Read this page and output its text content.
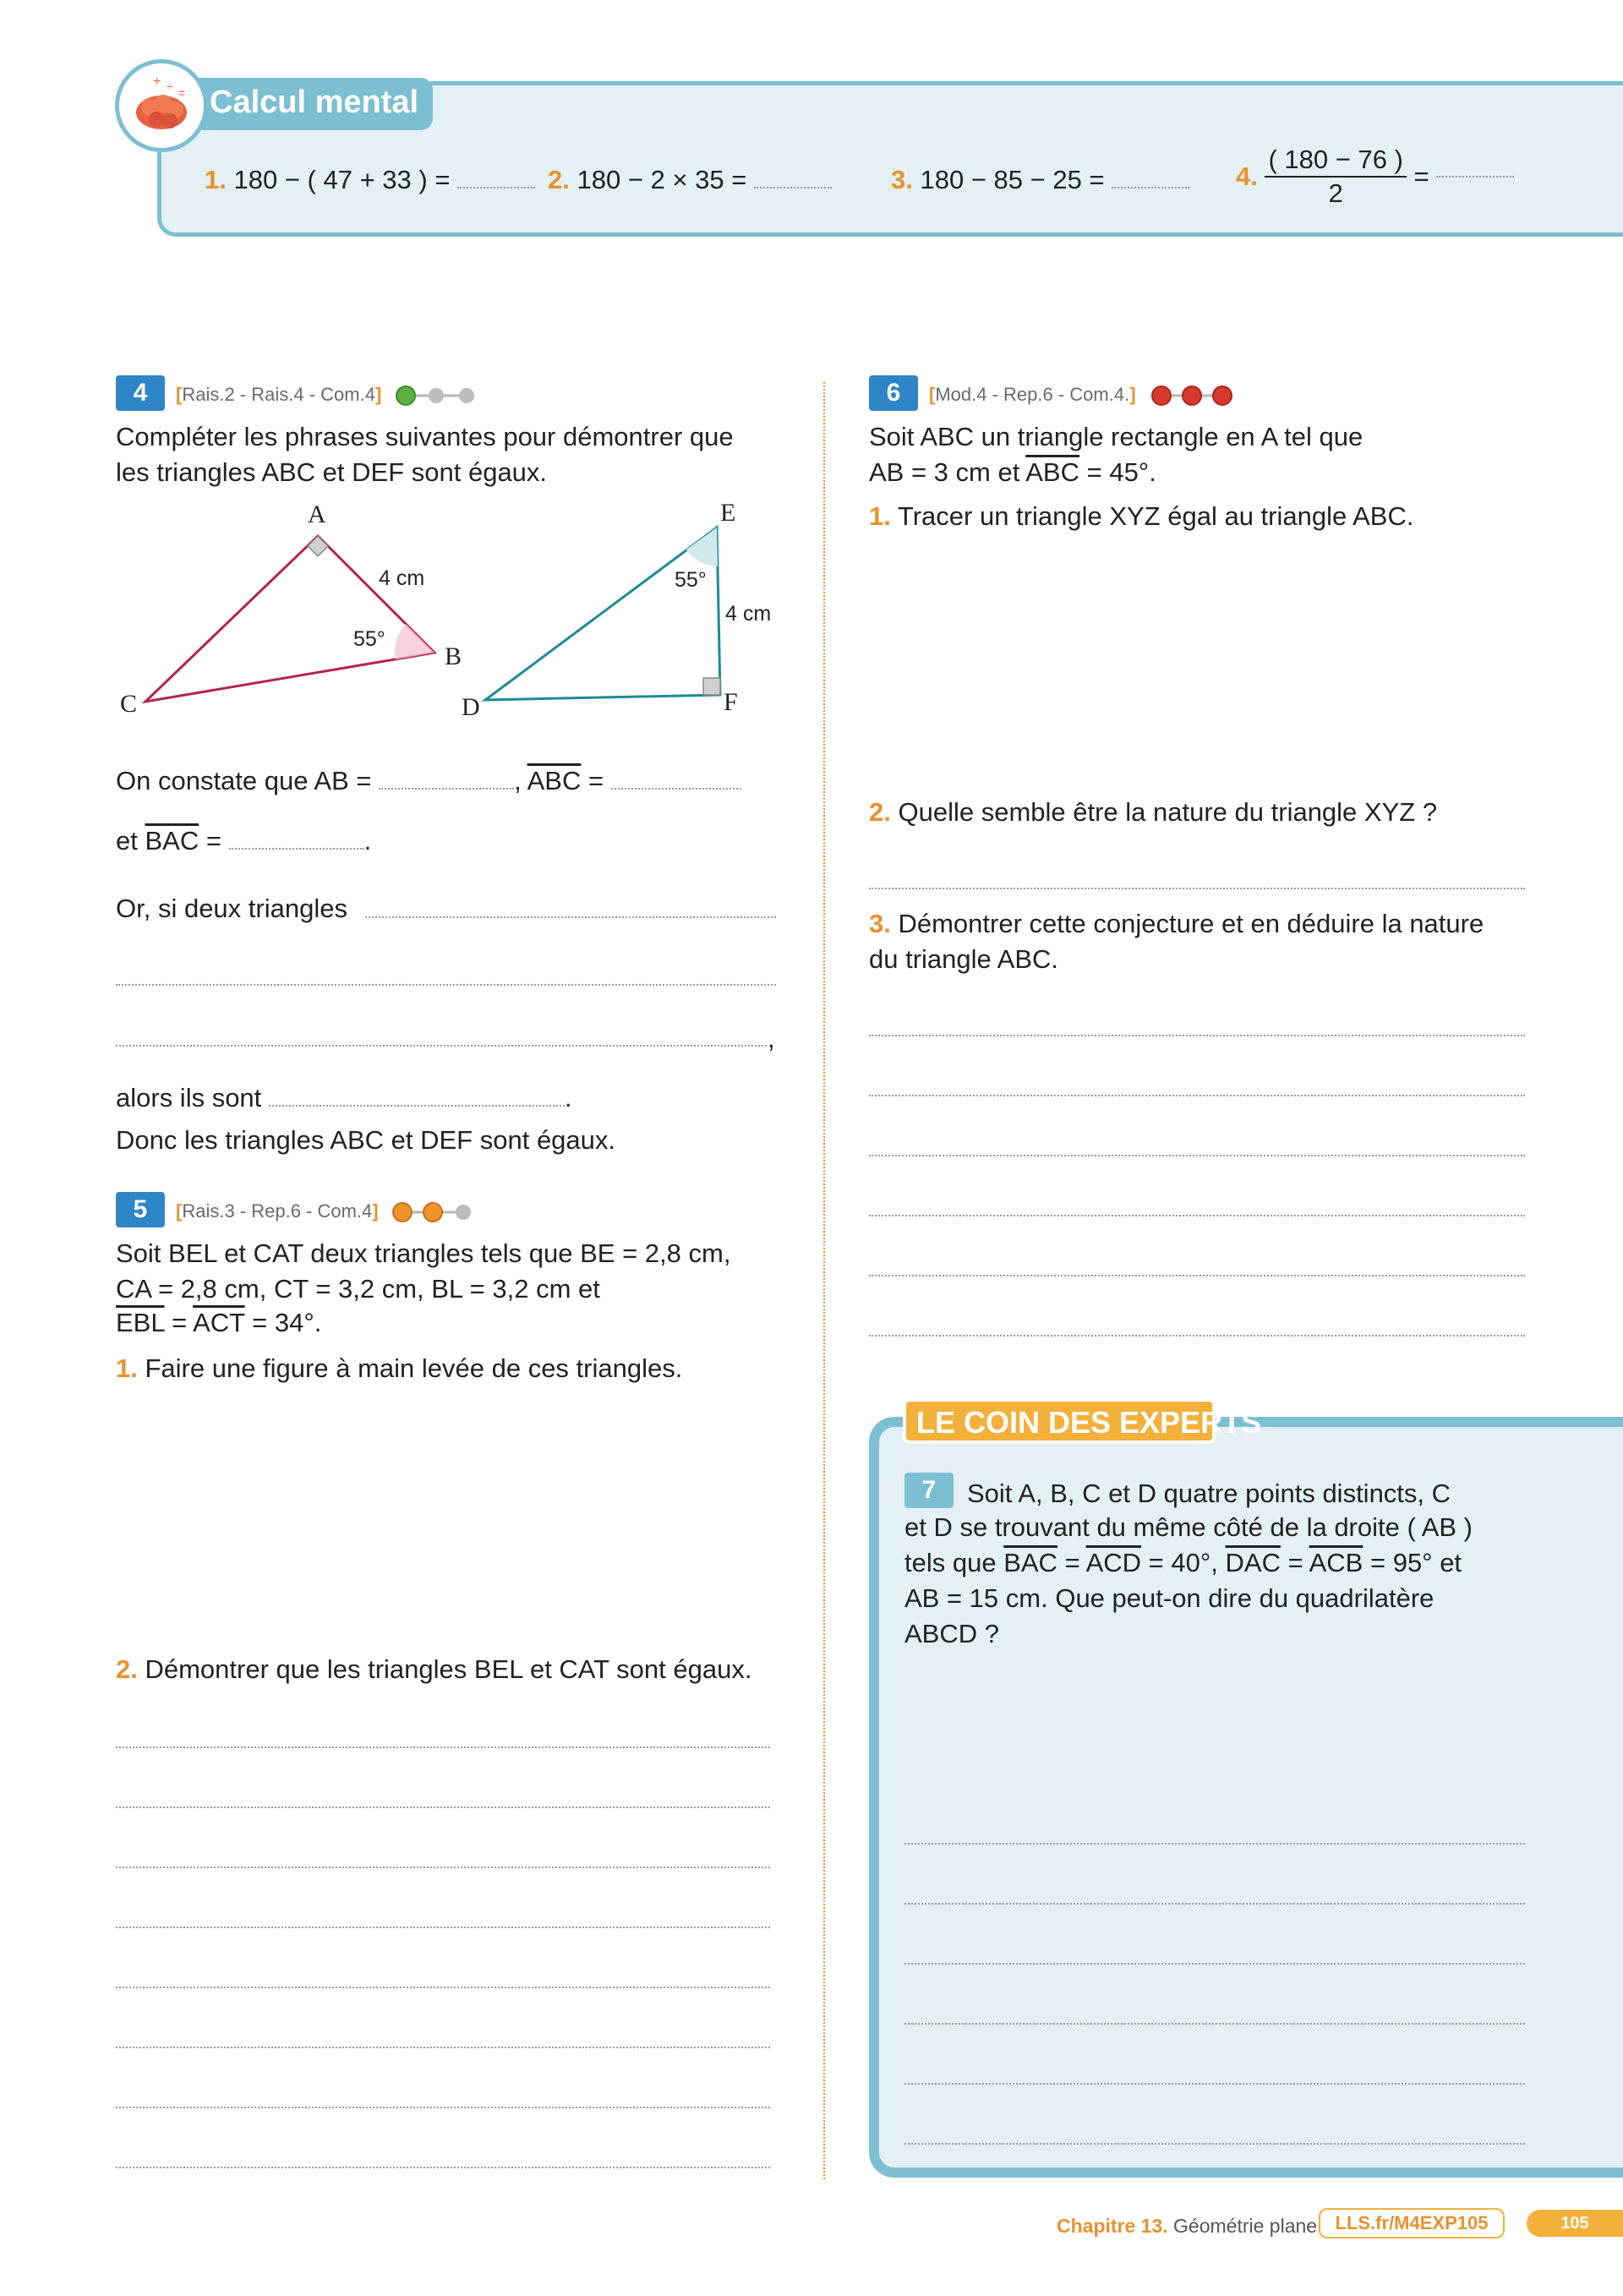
Calcul mental
+ ÷ =
1. 180 − ( 47 + 33 ) =	2. 180 − 2 × 35 =	3. 180 − 85 − 25 =	4. $\frac{( 180 - 76 )}{2}$ =
4	[Rais.2 - Rais.4 - Com.4]
Compléter les phrases suivantes pour démontrer que
les triangles ABC et DEF sont égaux.
A
B
C
4 cm
55°
E
D	F
4 cm
55°
On constate que AB =	, $\overline{ABC}$ =
et $\overline{BAC}$ =	.
Or, si deux triangles
,
alors ils sont	.
Donc les triangles ABC et DEF sont égaux.
5	[Rais.3 - Rep.6 - Com.4]
Soit BEL et CAT deux triangles tels que BE = 2,8 cm,
CA = 2,8 cm, CT = 3,2 cm, BL = 3,2 cm et
$\overline{EBL} = \overline{ACT} = 34^\circ$.
1. Faire une figure à main levée de ces triangles.
2. Démontrer que les triangles BEL et CAT sont égaux.
6	[Mod.4 - Rep.6 - Com.4.]
Soit ABC un triangle rectangle en A tel que
AB = 3 cm et $\overline{ABC} = 45^\circ$.
1. Tracer un triangle XYZ égal au triangle ABC.
2. Quelle semble être la nature du triangle XYZ ?
3. Démontrer cette conjecture et en déduire la nature
du triangle ABC.
LE COIN DES EXPERTS
7	Soit A, B, C et D quatre points distincts, C
et D se trouvant du même côté de la droite ( AB )
tels que $\overline{BAC} = \overline{ACD} = 40^\circ$, $\overline{DAC} = \overline{ACB} = 95^\circ$ et
AB = 15 cm. Que peut-on dire du quadrilatère
ABCD ?
Chapitre 13. Géométrie plane LLS.fr/M4EXP105	105
